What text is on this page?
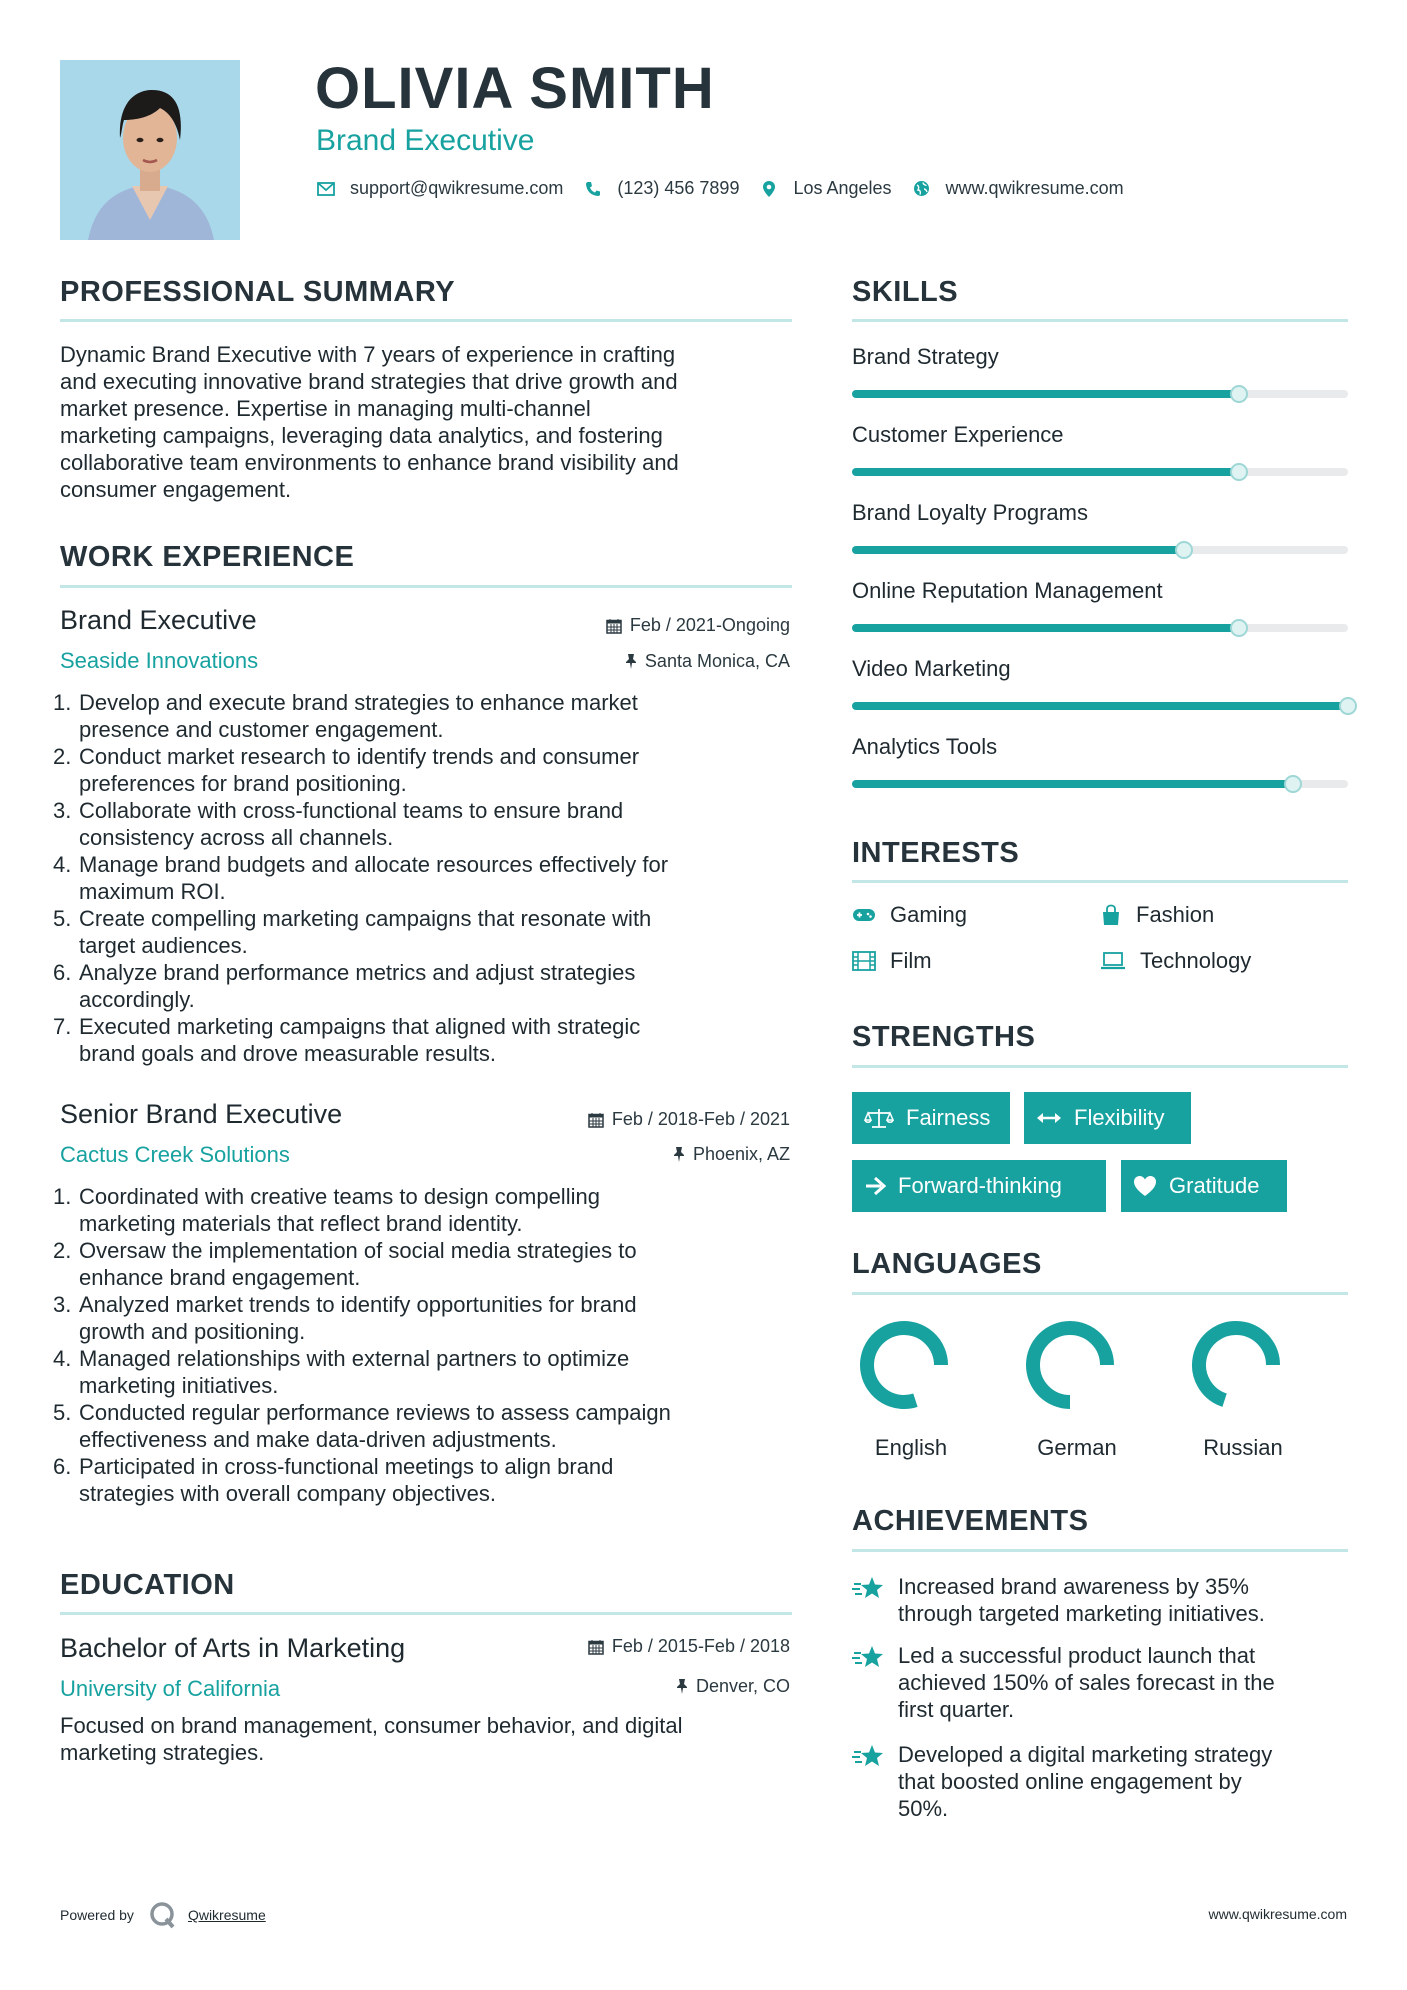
OLIVIA SMITH
Brand Executive
support@qwikresume.com	(123) 456 7899	Los Angeles	www.qwikresume.com
PROFESSIONAL SUMMARY
Dynamic Brand Executive with 7 years of experience in crafting
and executing innovative brand strategies that drive growth and
market presence. Expertise in managing multi-channel
marketing campaigns, leveraging data analytics, and fostering
collaborative team environments to enhance brand visibility and
consumer engagement.
WORK EXPERIENCE
Brand Executive	Feb / 2021-Ongoing
Seaside Innovations	Santa Monica, CA
1. Develop and execute brand strategies to enhance market
presence and customer engagement.
2. Conduct market research to identify trends and consumer
preferences for brand positioning.
3. Collaborate with cross-functional teams to ensure brand
consistency across all channels.
4. Manage brand budgets and allocate resources effectively for
maximum ROI.
5. Create compelling marketing campaigns that resonate with
target audiences.
6. Analyze brand performance metrics and adjust strategies
accordingly.
7. Executed marketing campaigns that aligned with strategic
brand goals and drove measurable results.
Senior Brand Executive	Feb / 2018-Feb / 2021
Cactus Creek Solutions	Phoenix, AZ
1. Coordinated with creative teams to design compelling
marketing materials that reflect brand identity.
2. Oversaw the implementation of social media strategies to
enhance brand engagement.
3. Analyzed market trends to identify opportunities for brand
growth and positioning.
4. Managed relationships with external partners to optimize
marketing initiatives.
5. Conducted regular performance reviews to assess campaign
effectiveness and make data-driven adjustments.
6. Participated in cross-functional meetings to align brand
strategies with overall company objectives.
EDUCATION
Bachelor of Arts in Marketing	Feb / 2015-Feb / 2018
University of California	Denver, CO
Focused on brand management, consumer behavior, and digital
marketing strategies.
SKILLS
Brand Strategy
Customer Experience
Brand Loyalty Programs
Online Reputation Management
Video Marketing
Analytics Tools
INTERESTS
Gaming	Fashion
Film	Technology
STRENGTHS
Fairness	Flexibility
Forward-thinking	Gratitude
LANGUAGES
English	German	Russian
ACHIEVEMENTS
Increased brand awareness by 35%
through targeted marketing initiatives.
Led a successful product launch that
achieved 150% of sales forecast in the
first quarter.
Developed a digital marketing strategy
that boosted online engagement by
50%.
Powered by	Qwikresume	www.qwikresume.com
